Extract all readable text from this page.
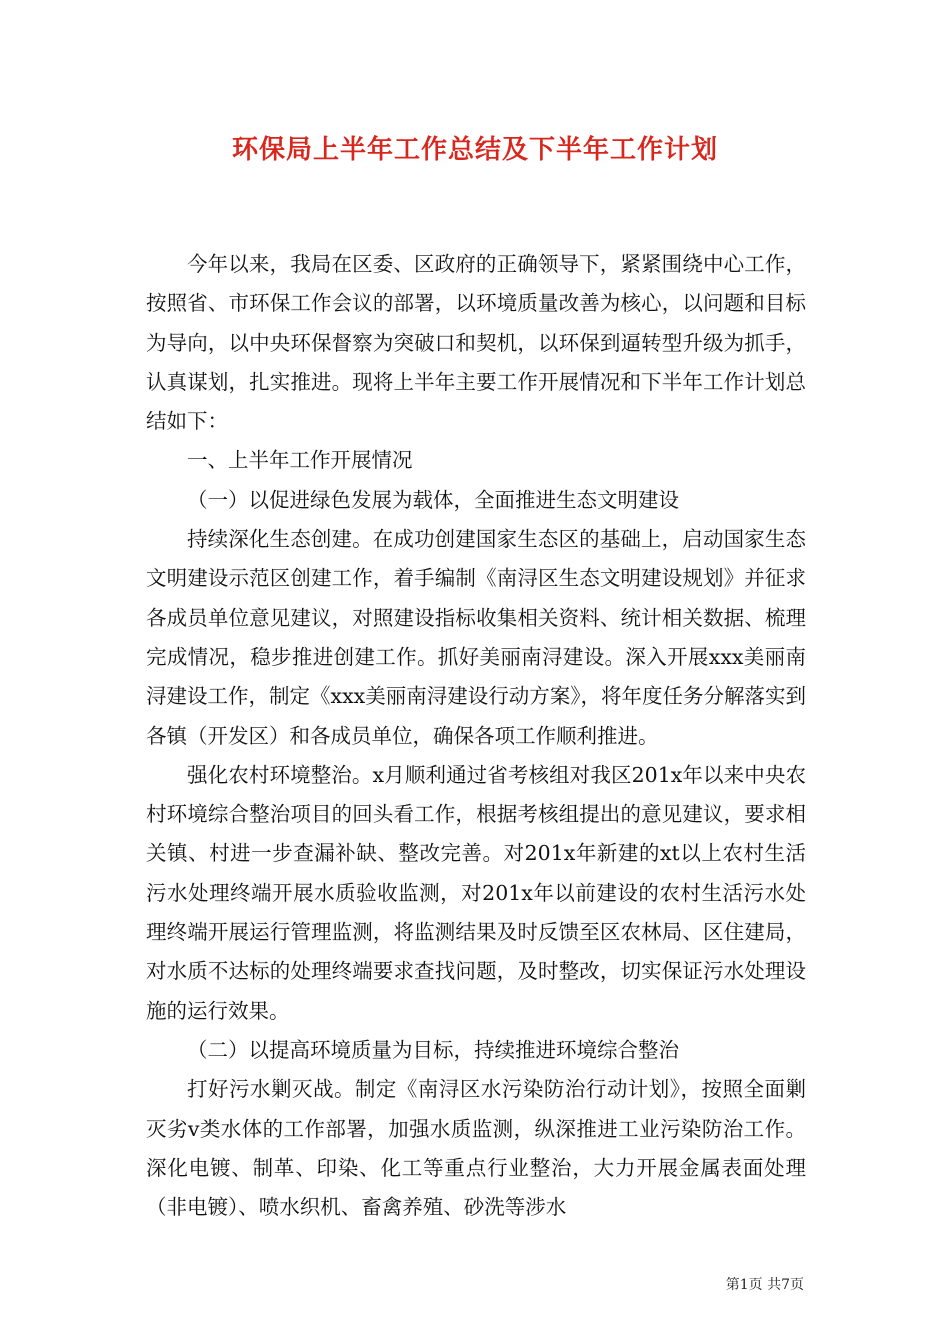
环保局上半年工作总结及下半年工作计划

今年以来，我局在区委、区政府的正确领导下，紧紧围绕中心工作，按照省、市环保工作会议的部署，以环境质量改善为核心，以问题和目标为导向，以中央环保督察为突破口和契机，以环保到逼转型升级为抓手，认真谋划，扎实推进。现将上半年主要工作开展情况和下半年工作计划总结如下：

一、上半年工作开展情况

（一）以促进绿色发展为载体，全面推进生态文明建设

持续深化生态创建。在成功创建国家生态区的基础上，启动国家生态文明建设示范区创建工作，着手编制《南浔区生态文明建设规划》并征求各成员单位意见建议，对照建设指标收集相关资料、统计相关数据、梳理完成情况，稳步推进创建工作。抓好美丽南浔建设。深入开展xxx美丽南浔建设工作，制定《xxx美丽南浔建设行动方案》，将年度任务分解落实到各镇（开发区）和各成员单位，确保各项工作顺利推进。

强化农村环境整治。x月顺利通过省考核组对我区201x年以来中央农村环境综合整治项目的回头看工作，根据考核组提出的意见建议，要求相关镇、村进一步查漏补缺、整改完善。对201x年新建的xt以上农村生活污水处理终端开展水质验收监测，对201x年以前建设的农村生活污水处理终端开展运行管理监测，将监测结果及时反馈至区农林局、区住建局，对水质不达标的处理终端要求查找问题，及时整改，切实保证污水处理设施的运行效果。

（二）以提高环境质量为目标，持续推进环境综合整治

打好污水剿灭战。制定《南浔区水污染防治行动计划》，按照全面剿灭劣v类水体的工作部署，加强水质监测，纵深推进工业污染防治工作。深化电镀、制革、印染、化工等重点行业整治，大力开展金属表面处理（非电镀）、喷水织机、畜禽养殖、砂洗等涉水

第1页 共7页
